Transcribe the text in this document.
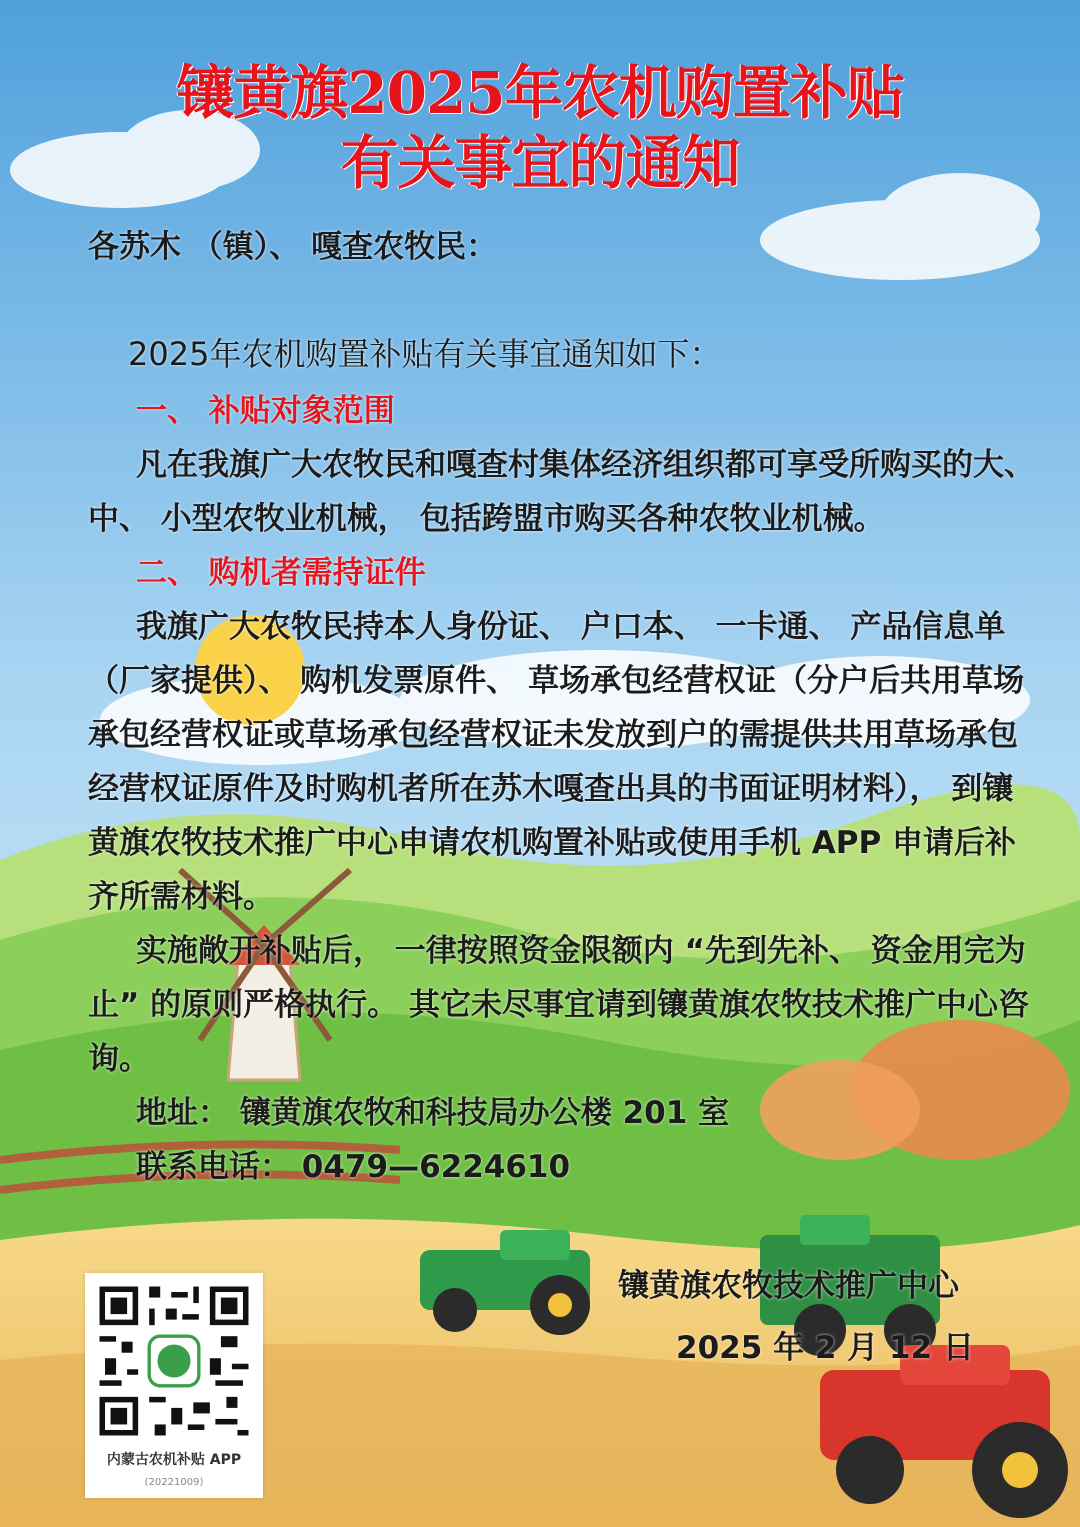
镶黄旗2025年农机购置补贴
有关事宜的通知
各苏木 （镇）、 嘎查农牧民：
2025年农机购置补贴有关事宜通知如下：

一、 补贴对象范围

凡在我旗广大农牧民和嘎查村集体经济组织都可享受所购买的大、 中、 小型农牧业机械， 包括跨盟市购买各种农牧业机械。

二、 购机者需持证件

我旗广大农牧民持本人身份证、 户口本、 一卡通、 产品信息单 （厂家提供）、 购机发票原件、 草场承包经营权证（分户后共用草场承包经营权证或草场承包经营权证未发放到户的需提供共用草场承包经营权证原件及时购机者所在苏木嘎查出具的书面证明材料）， 到镶黄旗农牧技术推广中心申请农机购置补贴或使用手机 APP 申请后补齐所需材料。

实施敞开补贴后， 一律按照资金限额内 “先到先补、 资金用完为止” 的原则严格执行。 其它未尽事宜请到镶黄旗农牧技术推广中心咨询。

地址： 镶黄旗农牧和科技局办公楼 201 室

联系电话： 0479—6224610

镶黄旗农牧技术推广中心
2025 年 2 月 12 日
内蒙古农机补贴 APP
(20221009)
